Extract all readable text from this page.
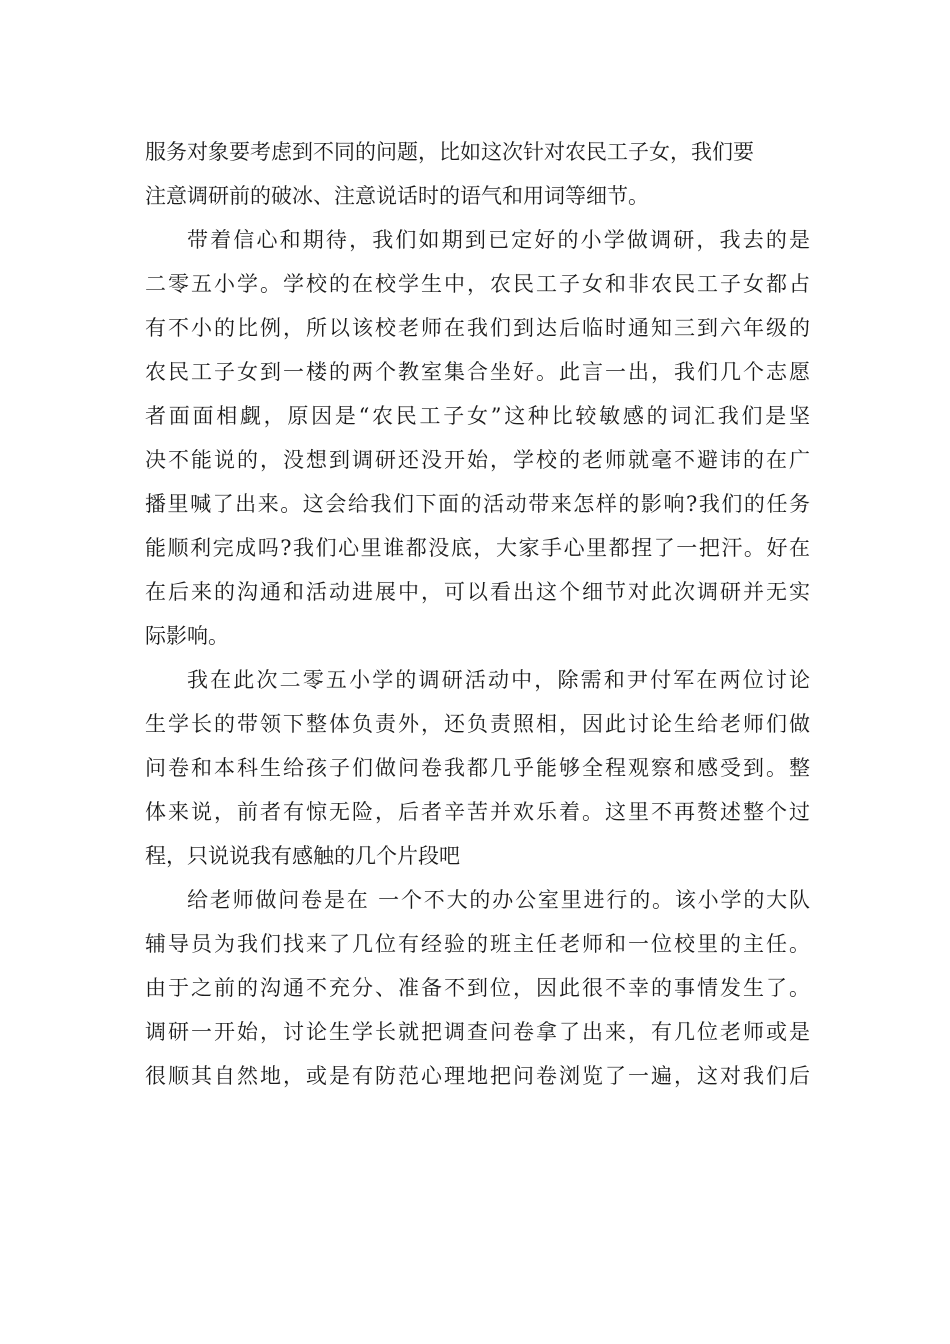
服务对象要考虑到不同的问题，比如这次针对农民工子女，我们要
注意调研前的破冰、注意说话时的语气和用词等细节。
带着信心和期待，我们如期到已定好的小学做调研，我去的是
二零五小学。学校的在校学生中，农民工子女和非农民工子女都占
有不小的比例，所以该校老师在我们到达后临时通知三到六年级的
农民工子女到一楼的两个教室集合坐好。此言一出，我们几个志愿
者面面相觑，原因是“农民工子女”这种比较敏感的词汇我们是坚
决不能说的，没想到调研还没开始，学校的老师就毫不避讳的在广
播里喊了出来。这会给我们下面的活动带来怎样的影响?我们的任务
能顺利完成吗?我们心里谁都没底，大家手心里都捏了一把汗。好在
在后来的沟通和活动进展中，可以看出这个细节对此次调研并无实
际影响。
我在此次二零五小学的调研活动中，除需和尹付军在两位讨论
生学长的带领下整体负责外，还负责照相，因此讨论生给老师们做
问卷和本科生给孩子们做问卷我都几乎能够全程观察和感受到。整
体来说，前者有惊无险，后者辛苦并欢乐着。这里不再赘述整个过
程，只说说我有感触的几个片段吧
给老师做问卷是在 一个不大的办公室里进行的。该小学的大队
辅导员为我们找来了几位有经验的班主任老师和一位校里的主任。
由于之前的沟通不充分、准备不到位，因此很不幸的事情发生了。
调研一开始，讨论生学长就把调查问卷拿了出来，有几位老师或是
很顺其自然地，或是有防范心理地把问卷浏览了一遍，这对我们后
